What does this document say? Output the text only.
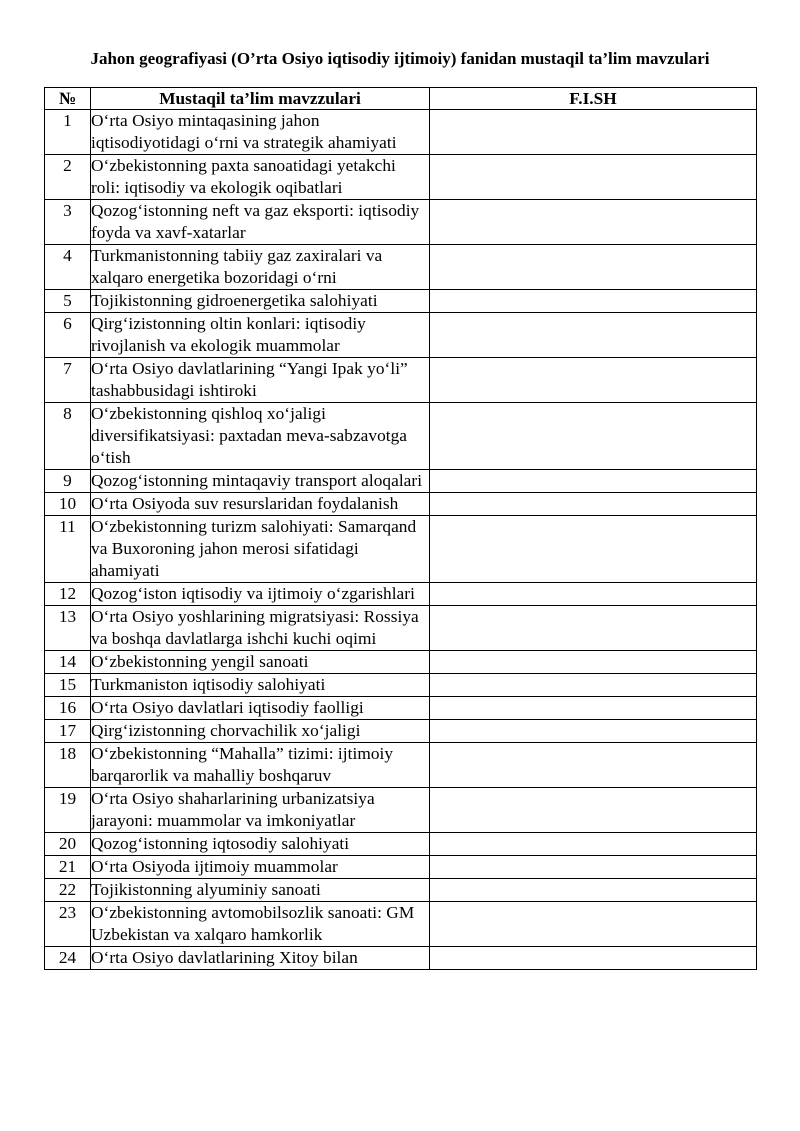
Jahon geografiyasi (O’rta Osiyo iqtisodiy ijtimoiy) fanidan mustaqil ta’lim mavzulari
№	Mustaqil ta’lim mavzzulari	F.I.SH
1	O‘rta Osiyo mintaqasining jahon iqtisodiyotidagi o‘rni va strategik ahamiyati	
2	O‘zbekistonning paxta sanoatidagi yetakchi roli: iqtisodiy va ekologik oqibatlari	
3	Qozog‘istonning neft va gaz eksporti: iqtisodiy foyda va xavf-xatarlar	
4	Turkmanistonning tabiiy gaz zaxiralari va xalqaro energetika bozoridagi o‘rni	
5	Tojikistonning gidroenergetika salohiyati	
6	Qirg‘izistonning oltin konlari: iqtisodiy rivojlanish va ekologik muammolar	
7	O‘rta Osiyo davlatlarining “Yangi Ipak yo‘li” tashabbusidagi ishtiroki	
8	O‘zbekistonning qishloq xo‘jaligi diversifikatsiyasi: paxtadan meva-sabzavotga o‘tish	
9	Qozog‘istonning mintaqaviy transport aloqalari	
10	O‘rta Osiyoda suv resurslaridan foydalanish	
11	O‘zbekistonning turizm salohiyati: Samarqand va Buxoroning jahon merosi sifatidagi ahamiyati	
12	Qozog‘iston iqtisodiy va ijtimoiy o‘zgarishlari	
13	O‘rta Osiyo yoshlarining migratsiyasi: Rossiya va boshqa davlatlarga ishchi kuchi oqimi	
14	O‘zbekistonning yengil sanoati	
15	Turkmaniston iqtisodiy salohiyati	
16	O‘rta Osiyo davlatlari iqtisodiy faolligi	
17	Qirg‘izistonning chorvachilik xo‘jaligi	
18	O‘zbekistonning “Mahalla” tizimi: ijtimoiy barqarorlik va mahalliy boshqaruv	
19	O‘rta Osiyo shaharlarining urbanizatsiya jarayoni: muammolar va imkoniyatlar	
20	Qozog‘istonning iqtosodiy salohiyati	
21	O‘rta Osiyoda ijtimoiy muammolar	
22	Tojikistonning alyuminiy sanoati	
23	O‘zbekistonning avtomobilsozlik sanoati: GM Uzbekistan va xalqaro hamkorlik	
24	O‘rta Osiyo davlatlarining Xitoy bilan	
